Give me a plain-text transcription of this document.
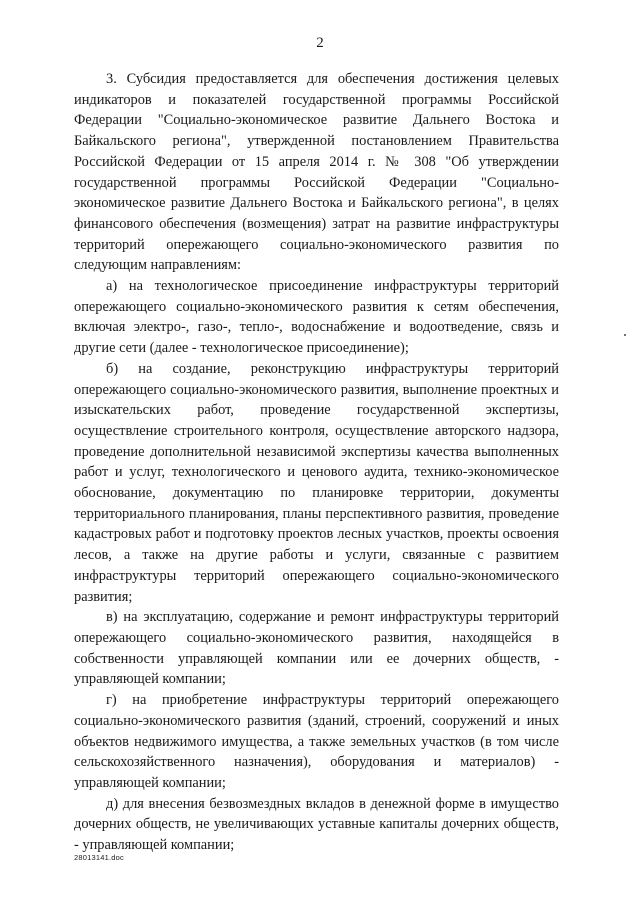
2

3. Субсидия предоставляется для обеспечения достижения целевых индикаторов и показателей государственной программы Российской Федерации "Социально-экономическое развитие Дальнего Востока и Байкальского региона", утвержденной постановлением Правительства Российской Федерации от 15 апреля 2014 г. № 308 "Об утверждении государственной программы Российской Федерации "Социально-экономическое развитие Дальнего Востока и Байкальского региона", в целях финансового обеспечения (возмещения) затрат на развитие инфраструктуры территорий опережающего социально-экономического развития по следующим направлениям:

а) на технологическое присоединение инфраструктуры территорий опережающего социально-экономического развития к сетям обеспечения, включая электро-, газо-, тепло-, водоснабжение и водоотведение, связь и другие сети (далее - технологическое присоединение);

б) на создание, реконструкцию инфраструктуры территорий опережающего социально-экономического развития, выполнение проектных и изыскательских работ, проведение государственной экспертизы, осуществление строительного контроля, осуществление авторского надзора, проведение дополнительной независимой экспертизы качества выполненных работ и услуг, технологического и ценового аудита, технико-экономическое обоснование, документацию по планировке территории, документы территориального планирования, планы перспективного развития, проведение кадастровых работ и подготовку проектов лесных участков, проекты освоения лесов, а также на другие работы и услуги, связанные с развитием инфраструктуры территорий опережающего социально-экономического развития;

в) на эксплуатацию, содержание и ремонт инфраструктуры территорий опережающего социально-экономического развития, находящейся в собственности управляющей компании или ее дочерних обществ, - управляющей компании;

г) на приобретение инфраструктуры территорий опережающего социально-экономического развития (зданий, строений, сооружений и иных объектов недвижимого имущества, а также земельных участков (в том числе сельскохозяйственного назначения), оборудования и материалов) - управляющей компании;

д) для внесения безвозмездных вкладов в денежной форме в имущество дочерних обществ, не увеличивающих уставные капиталы дочерних обществ, - управляющей компании;

28013141.doc
